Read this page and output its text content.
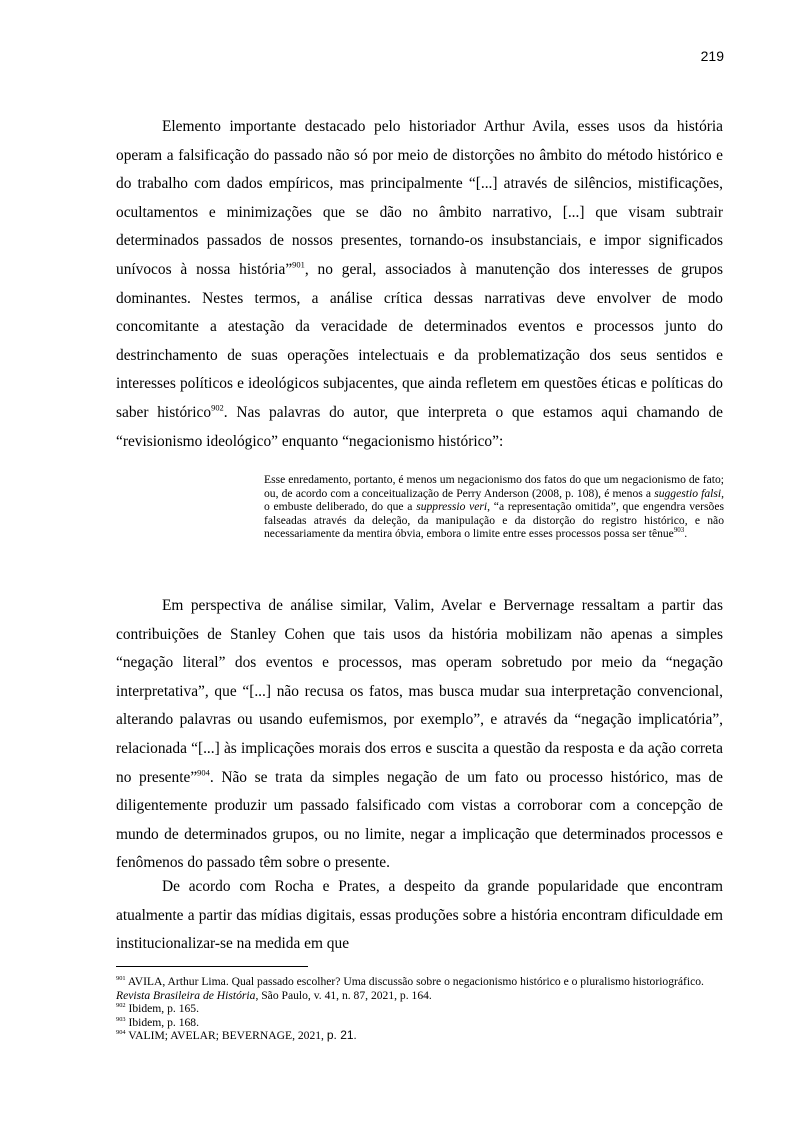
219

Elemento importante destacado pelo historiador Arthur Avila, esses usos da história operam a falsificação do passado não só por meio de distorções no âmbito do método histórico e do trabalho com dados empíricos, mas principalmente “[...] através de silêncios, mistificações, ocultamentos e minimizações que se dão no âmbito narrativo, [...] que visam subtrair determinados passados de nossos presentes, tornando-os insubstanciais, e impor significados unívocos à nossa história”$^{901}$, no geral, associados à manutenção dos interesses de grupos dominantes. Nestes termos, a análise crítica dessas narrativas deve envolver de modo concomitante a atestação da veracidade de determinados eventos e processos junto do destrinchamento de suas operações intelectuais e da problematização dos seus sentidos e interesses políticos e ideológicos subjacentes, que ainda refletem em questões éticas e políticas do saber histórico$^{902}$. Nas palavras do autor, que interpreta o que estamos aqui chamando de “revisionismo ideológico” enquanto “negacionismo histórico”:

Esse enredamento, portanto, é menos um negacionismo dos fatos do que um negacionismo de fato; ou, de acordo com a conceitualização de Perry Anderson (2008, p. 108), é menos a suggestio falsi, o embuste deliberado, do que a suppressio veri, “a representação omitida”, que engendra versões falseadas através da deleção, da manipulação e da distorção do registro histórico, e não necessariamente da mentira óbvia, embora o limite entre esses processos possa ser tênue$^{903}$.

Em perspectiva de análise similar, Valim, Avelar e Bervernage ressaltam a partir das contribuições de Stanley Cohen que tais usos da história mobilizam não apenas a simples “negação literal” dos eventos e processos, mas operam sobretudo por meio da “negação interpretativa”, que “[...] não recusa os fatos, mas busca mudar sua interpretação convencional, alterando palavras ou usando eufemismos, por exemplo”, e através da “negação implicatória”, relacionada “[...] às implicações morais dos erros e suscita a questão da resposta e da ação correta no presente”$^{904}$. Não se trata da simples negação de um fato ou processo histórico, mas de diligentemente produzir um passado falsificado com vistas a corroborar com a concepção de mundo de determinados grupos, ou no limite, negar a implicação que determinados processos e fenômenos do passado têm sobre o presente.

De acordo com Rocha e Prates, a despeito da grande popularidade que encontram atualmente a partir das mídias digitais, essas produções sobre a história encontram dificuldade em institucionalizar-se na medida em que

$^{901}$ AVILA, Arthur Lima. Qual passado escolher? Uma discussão sobre o negacionismo histórico e o pluralismo historiográfico. Revista Brasileira de História, São Paulo, v. 41, n. 87, 2021, p. 164.

$^{902}$ Ibidem, p. 165.

$^{903}$ Ibidem, p. 168.

$^{904}$ VALIM; AVELAR; BEVERNAGE, 2021, p. 21.
